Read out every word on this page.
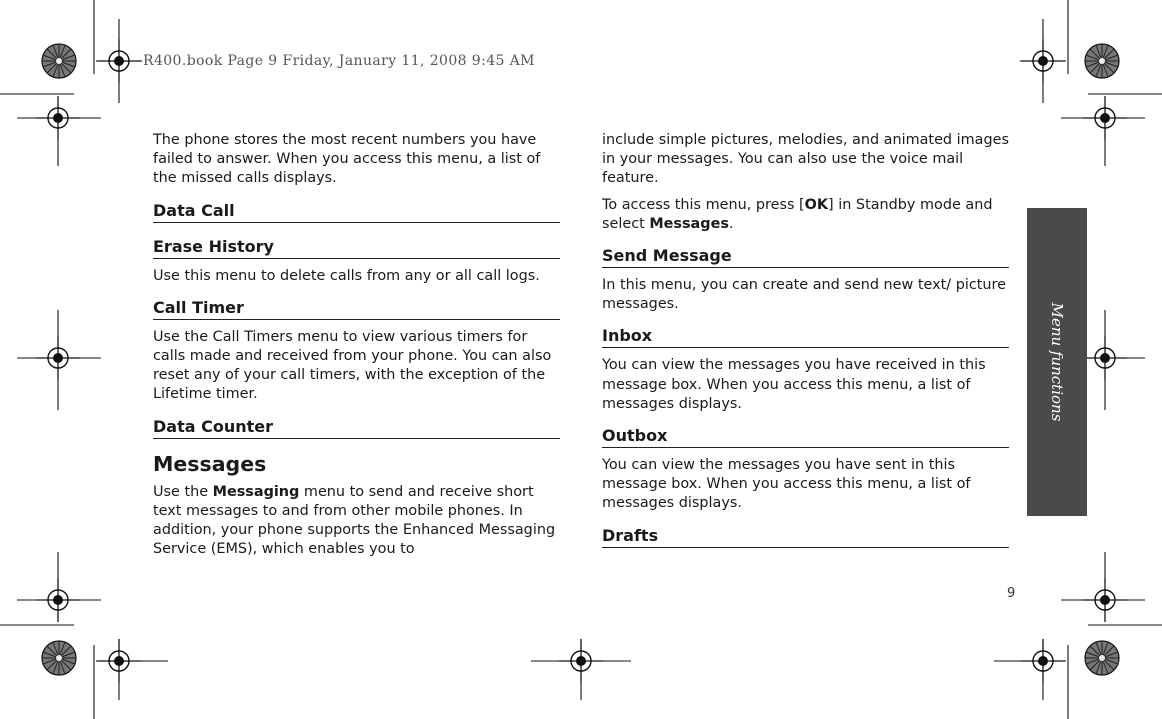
R400.book Page 9 Friday, January 11, 2008 9:45 AM
Menu functions

The phone stores the most recent numbers you have failed to answer. When you access this menu, a list of the missed calls displays.

Data Call
Erase History

Use this menu to delete calls from any or all call logs.

Call Timer

Use the Call Timers menu to view various timers for calls made and received from your phone. You can also reset any of your call timers, with the exception of the Lifetime timer.

Data Counter
Messages

Use the Messaging menu to send and receive short text messages to and from other mobile phones. In addition, your phone supports the Enhanced Messaging Service (EMS), which enables you to

include simple pictures, melodies, and animated images in your messages. You can also use the voice mail feature.

To access this menu, press [OK] in Standby mode and select Messages.

Send Message

In this menu, you can create and send new text/ picture messages.

Inbox

You can view the messages you have received in this message box. When you access this menu, a list of messages displays.

Outbox

You can view the messages you have sent in this message box. When you access this menu, a list of messages displays.

Drafts
9
